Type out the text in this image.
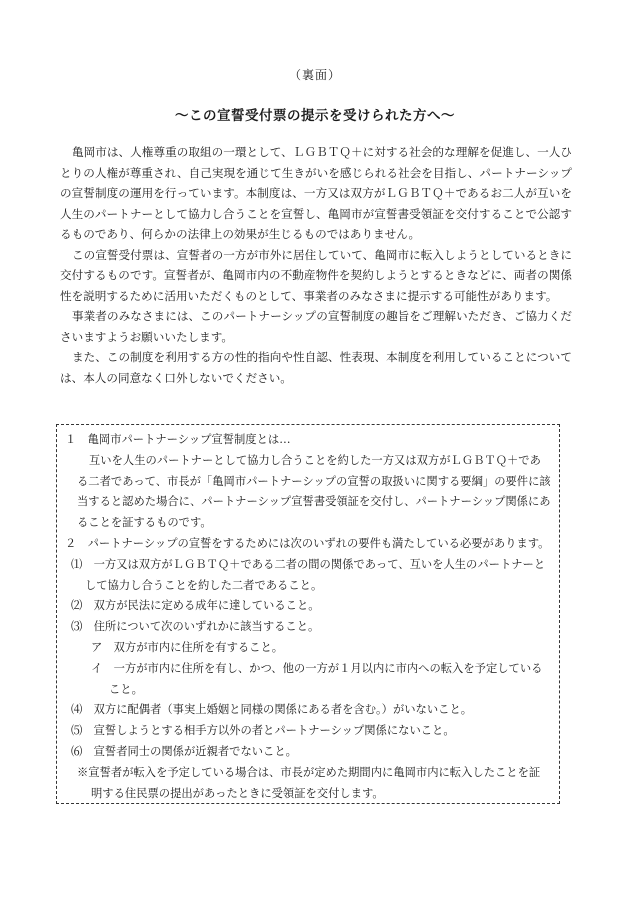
（裏面）
〜この宣誓受付票の提示を受けられた方へ〜

亀岡市は、人権尊重の取組の一環として、ＬＧＢＴＱ＋に対する社会的な理解を促進し、一人ひとりの人権が尊重され、自己実現を通じて生きがいを感じられる社会を目指し、パートナーシップの宣誓制度の運用を行っています。本制度は、一方又は双方がＬＧＢＴＱ＋であるお二人が互いを人生のパートナーとして協力し合うことを宣誓し、亀岡市が宣誓書受領証を交付することで公認するものであり、何らかの法律上の効果が生じるものではありません。

この宣誓受付票は、宣誓者の一方が市外に居住していて、亀岡市に転入しようとしているときに交付するものです。宣誓者が、亀岡市内の不動産物件を契約しようとするときなどに、両者の関係性を説明するために活用いただくものとして、事業者のみなさまに提示する可能性があります。

事業者のみなさまには、このパートナーシップの宣誓制度の趣旨をご理解いただき、ご協力くださいますようお願いいたします。

また、この制度を利用する方の性的指向や性自認、性表現、本制度を利用していることについては、本人の同意なく口外しないでください。

１　亀岡市パートナーシップ宣誓制度とは…
互いを人生のパートナーとして協力し合うことを約した一方又は双方がＬＧＢＴＱ＋である二者であって、市長が「亀岡市パートナーシップの宣誓の取扱いに関する要綱」の要件に該当すると認めた場合に、パートナーシップ宣誓書受領証を交付し、パートナーシップ関係にあることを証するものです。
２　パートナーシップの宣誓をするためには次のいずれの要件も満たしている必要があります。
⑴　一方又は双方がＬＧＢＴＱ＋である二者の間の関係であって、互いを人生のパートナーとして協力し合うことを約した二者であること。
⑵　双方が民法に定める成年に達していること。
⑶　住所について次のいずれかに該当すること。
ア　双方が市内に住所を有すること。
イ　一方が市内に住所を有し、かつ、他の一方が１月以内に市内への転入を予定していること。
⑷　双方に配偶者（事実上婚姻と同様の関係にある者を含む。）がいないこと。
⑸　宣誓しようとする相手方以外の者とパートナーシップ関係にないこと。
⑹　宣誓者同士の関係が近親者でないこと。
※宣誓者が転入を予定している場合は、市長が定めた期間内に亀岡市内に転入したことを証明する住民票の提出があったときに受領証を交付します。
